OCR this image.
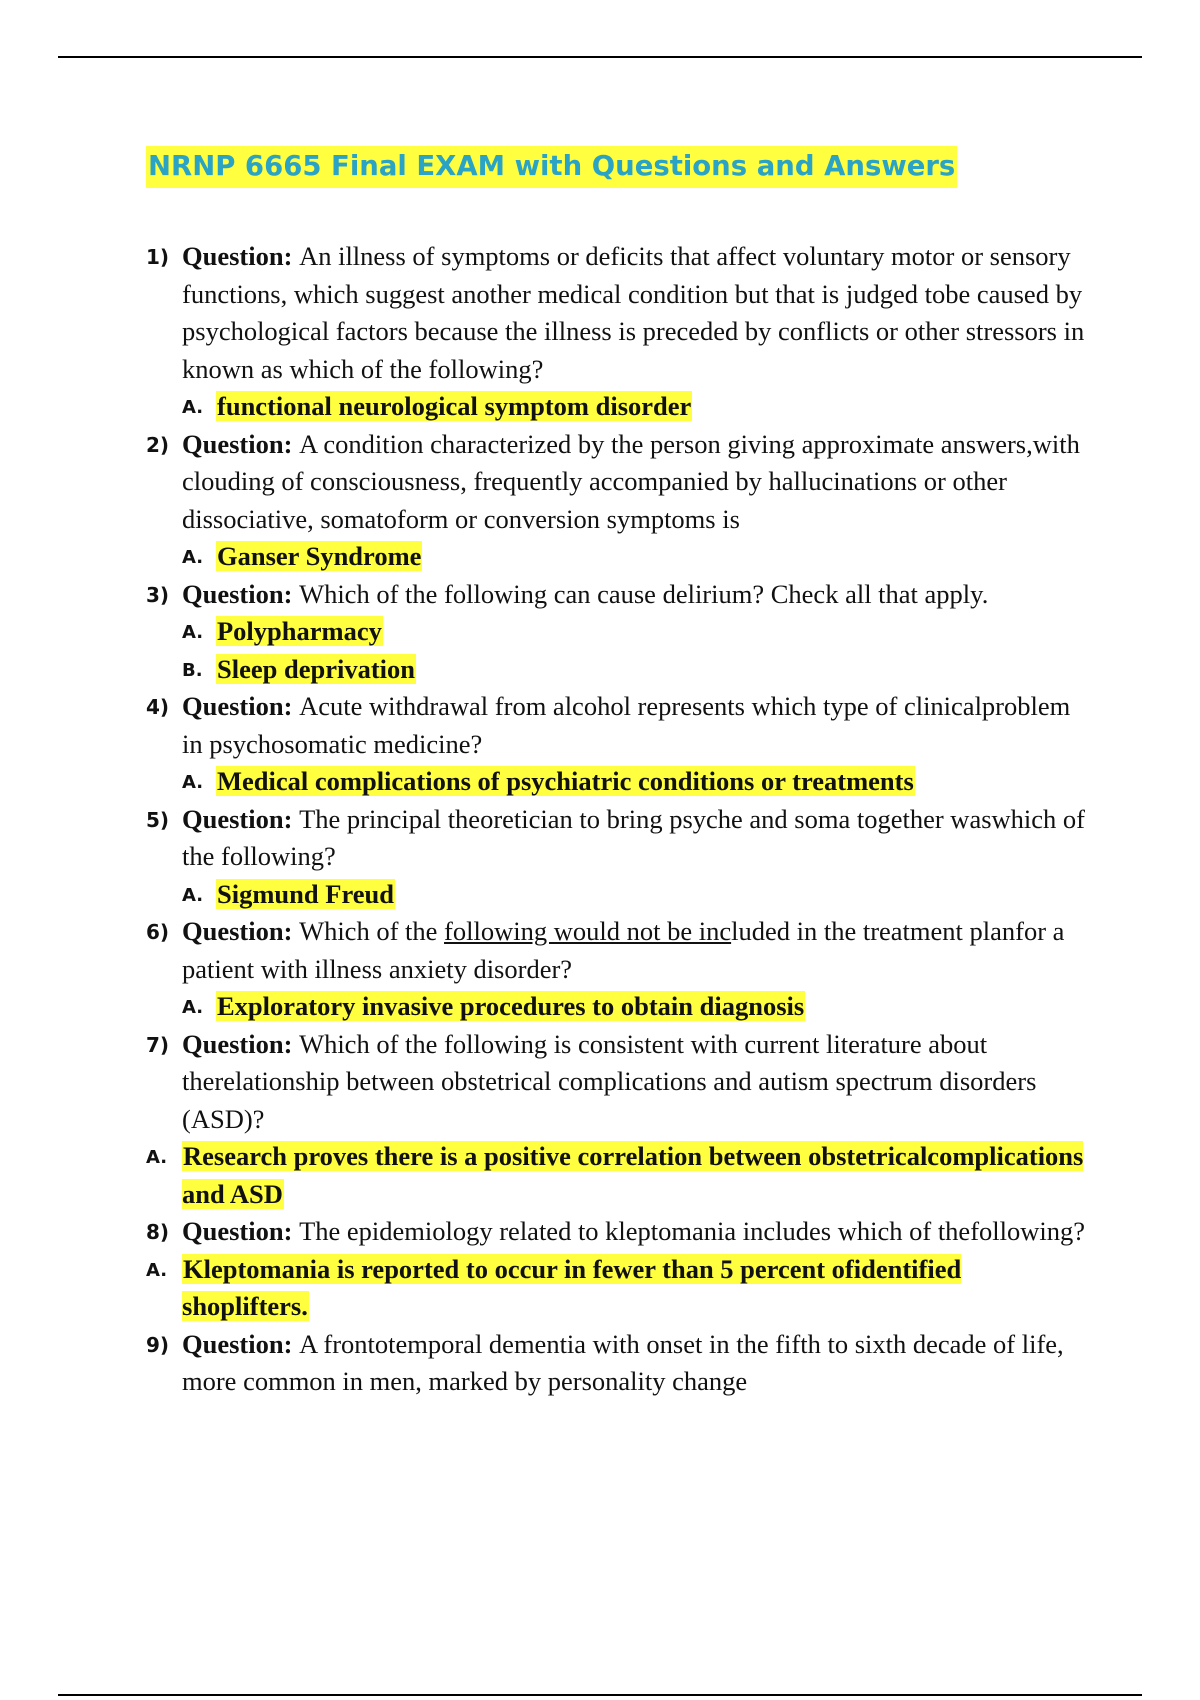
NRNP 6665 Final EXAM with Questions and Answers
1) Question: An illness of symptoms or deficits that affect voluntary motor or sensory functions, which suggest another medical condition but that is judged tobe caused by psychological factors because the illness is preceded by conflicts or other stressors in known as which of the following?
A. functional neurological symptom disorder
2) Question: A condition characterized by the person giving approximate answers,with clouding of consciousness, frequently accompanied by hallucinations or other dissociative, somatoform or conversion symptoms is
A. Ganser Syndrome
3) Question: Which of the following can cause delirium? Check all that apply.
A. Polypharmacy
B. Sleep deprivation
4) Question: Acute withdrawal from alcohol represents which type of clinicalproblem in psychosomatic medicine?
A. Medical complications of psychiatric conditions or treatments
5) Question: The principal theoretician to bring psyche and soma together waswhich of the following?
A. Sigmund Freud
6) Question: Which of the following would not be included in the treatment planfor a patient with illness anxiety disorder?
A. Exploratory invasive procedures to obtain diagnosis
7) Question: Which of the following is consistent with current literature about therelationship between obstetrical complications and autism spectrum disorders (ASD)?
A. Research proves there is a positive correlation between obstetricalcomplications and ASD
8) Question: The epidemiology related to kleptomania includes which of thefollowing?
A. Kleptomania is reported to occur in fewer than 5 percent ofidentified shoplifters.
9) Question: A frontotemporal dementia with onset in the fifth to sixth decade of life, more common in men, marked by personality change
